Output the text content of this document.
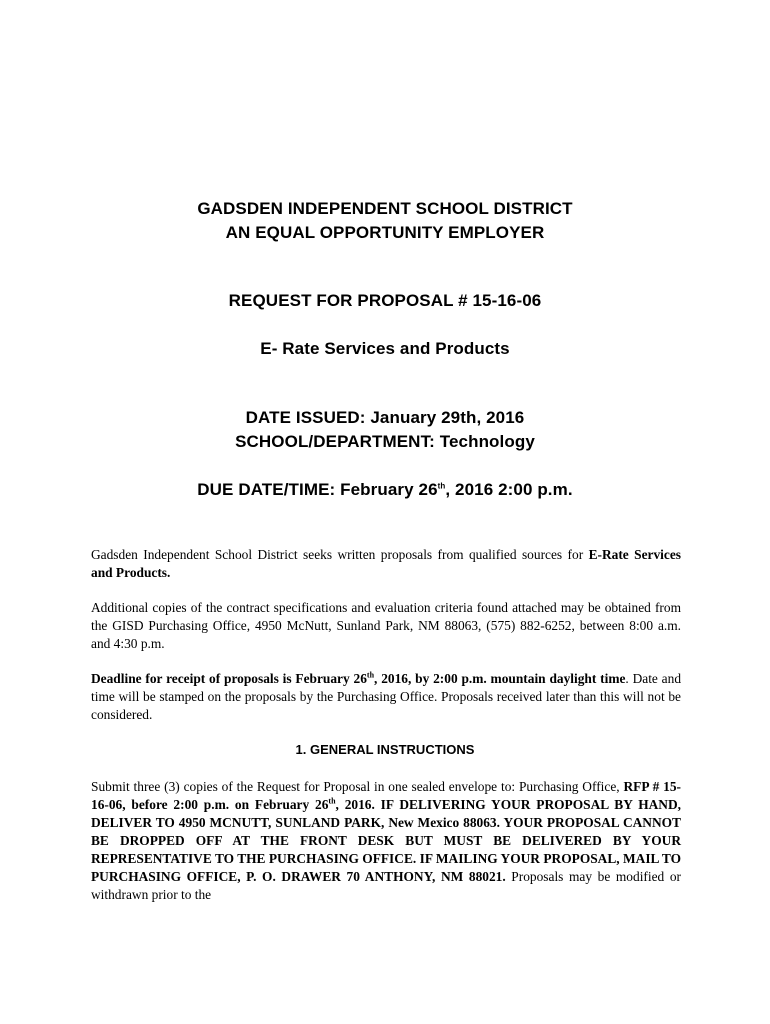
GADSDEN INDEPENDENT SCHOOL DISTRICT
AN EQUAL OPPORTUNITY EMPLOYER
REQUEST FOR PROPOSAL # 15-16-06
E- Rate Services and Products
DATE ISSUED: January 29th, 2016
SCHOOL/DEPARTMENT: Technology
DUE DATE/TIME: February 26th, 2016 2:00 p.m.
Gadsden Independent School District seeks written proposals from qualified sources for E-Rate Services and Products.
Additional copies of the contract specifications and evaluation criteria found attached may be obtained from the GISD Purchasing Office, 4950 McNutt, Sunland Park, NM 88063, (575) 882-6252, between 8:00 a.m. and 4:30 p.m.
Deadline for receipt of proposals is February 26th, 2016, by 2:00 p.m. mountain daylight time. Date and time will be stamped on the proposals by the Purchasing Office. Proposals received later than this will not be considered.
1. GENERAL INSTRUCTIONS
Submit three (3) copies of the Request for Proposal in one sealed envelope to: Purchasing Office, RFP # 15-16-06, before 2:00 p.m. on February 26th, 2016. IF DELIVERING YOUR PROPOSAL BY HAND, DELIVER TO 4950 MCNUTT, SUNLAND PARK, New Mexico 88063. YOUR PROPOSAL CANNOT BE DROPPED OFF AT THE FRONT DESK BUT MUST BE DELIVERED BY YOUR REPRESENTATIVE TO THE PURCHASING OFFICE. IF MAILING YOUR PROPOSAL, MAIL TO PURCHASING OFFICE, P. O. DRAWER 70 ANTHONY, NM 88021. Proposals may be modified or withdrawn prior to the
